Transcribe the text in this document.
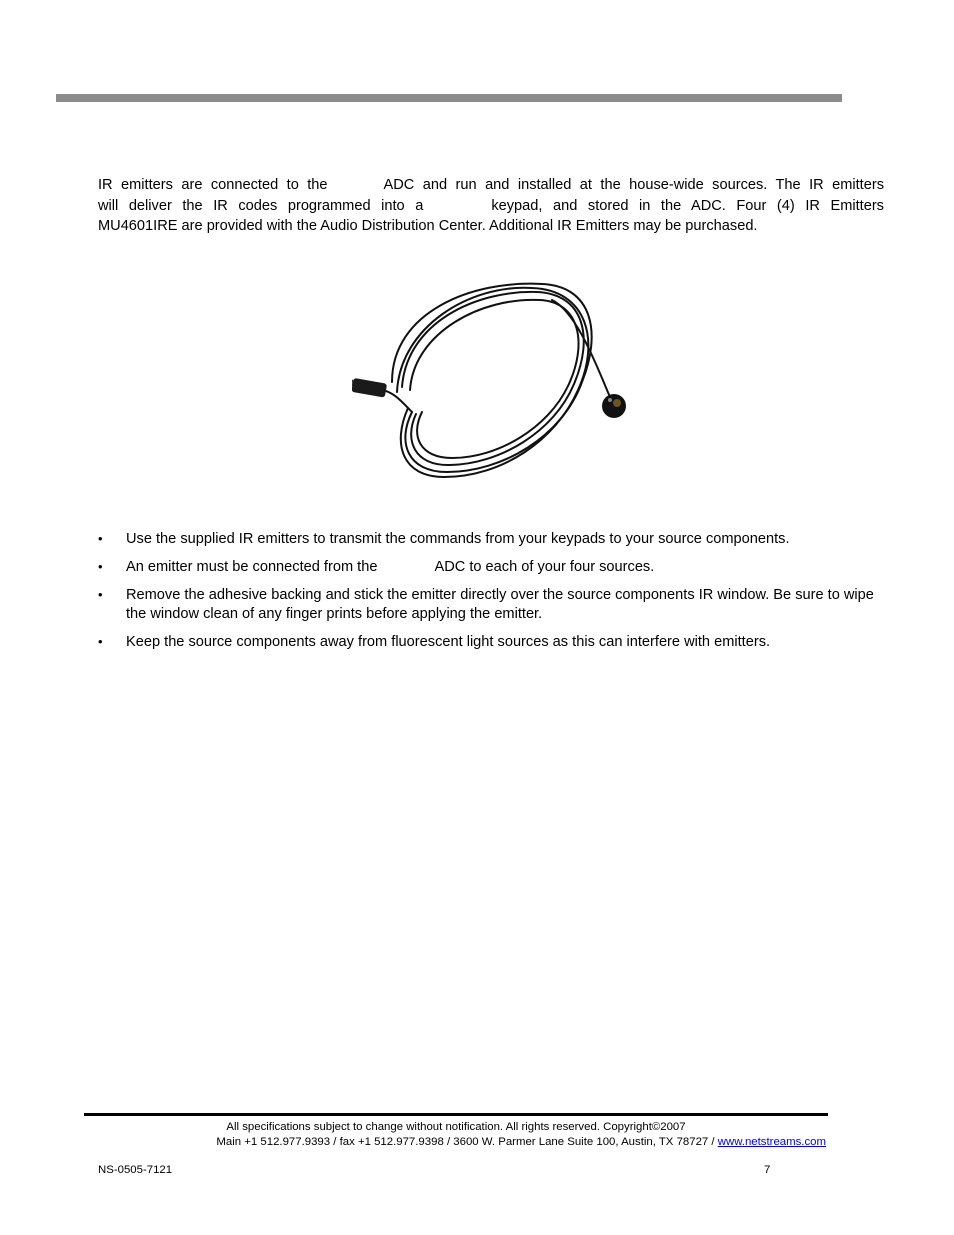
IR emitters are connected to the	ADC and run and installed at the house-wide sources. The IR emitters
will deliver the IR codes programmed into a	keypad, and stored in the ADC. Four (4) IR Emitters
MU4601IRE are provided with the Audio Distribution Center. Additional IR Emitters may be purchased.
• Use the supplied IR emitters to transmit the commands from your keypads to your source components.
• An emitter must be connected from the	ADC to each of your four sources.
• Remove the adhesive backing and stick the emitter directly over the source components IR window. Be sure to wipe the window clean of any finger prints before applying the emitter.
• Keep the source components away from fluorescent light sources as this can interfere with emitters.
All specifications subject to change without notification. All rights reserved. Copyright©2007
Main +1 512.977.9393 / fax +1 512.977.9398 / 3600 W. Parmer Lane Suite 100, Austin, TX 78727 / www.netstreams.com
NS-0505-7121	7
